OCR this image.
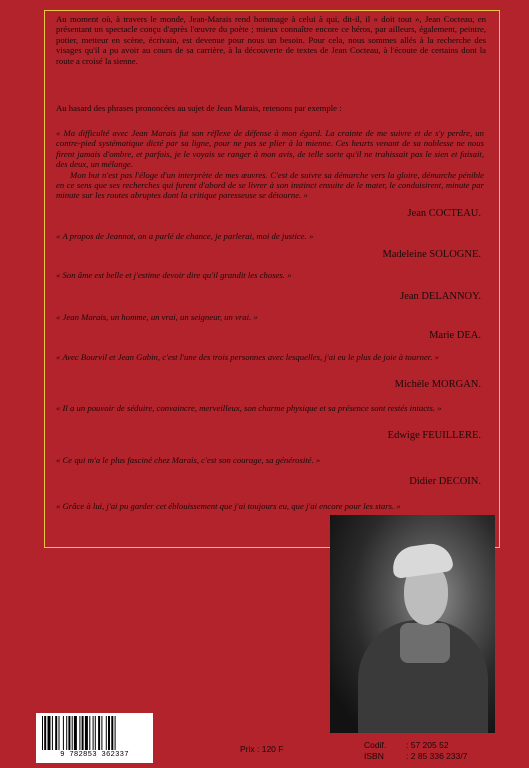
Au moment où, à travers le monde, Jean-Marais rend hommage à celui à qui, dit-il, il « doit tout », Jean Cocteau, en présentant un spectacle conçu d'après l'œuvre du poète ; mieux connaître encore ce héros, par ailleurs, également, peintre, potier, metteur en scène, écrivain, est devenue pour nous un besoin. Pour cela, nous sommes allés à la recherche des visages qu'il a pu avoir au cours de sa carrière, à la découverte de textes de Jean Cocteau, à l'écoute de certains dont la route a croisé la sienne.

Au hasard des phrases prononcées au sujet de Jean Marais, retenons par exemple :

« Ma difficulté avec Jean Marais fut son réflexe de défense à mon égard. La crainte de me suivre et de s'y perdre, un contre-pied systématique dicté par sa ligne, pour ne pas se plier à la mienne. Ces heurts venant de sa noblesse ne nous firent jamais d'ombre, et parfois, je le voyais se ranger à mon avis, de telle sorte qu'il ne trahissait pas le sien et faisait, des deux, un mélange.

Mon but n'est pas l'éloge d'un interprète de mes œuvres. C'est de suivre sa démarche vers la gloire, démarche pénible en ce sens que ses recherches qui furent d'abord de se livrer à son instinct ensuite de le mater, le conduisirent, minute par minute sur les routes abruptes dont la critique paresseuse se détourne. »

Jean COCTEAU.

« A propos de Jeannot, on a parlé de chance, je parlerai, moi de justice. »

Madeleine SOLOGNE.

« Son âme est belle et j'estime devoir dire qu'il grandit les choses. »

Jean DELANNOY.

« Jean Marais, un homme, un vrai, un seigneur, un vrai. »

Marie DEA.

« Avec Bourvil et Jean Gabin, c'est l'une des trois personnes avec lesquelles, j'ai eu le plus de joie à tourner. »

Michèle MORGAN.

« Il a un pouvoir de séduire, convaincre, merveilleux, son charme physique et sa présence sont restés intacts. »

Edwige FEUILLERE.

« Ce qui m'a le plus fasciné chez Marais, c'est son courage, sa générosité. »

Didier DECOIN.

« Grâce à lui, j'ai pu garder cet éblouissement que j'ai toujours eu, que j'ai encore pour les stars. »

9 782853 362337
Prix : 120 F	Codif.	: 57 205 52
ISBN	: 2 85 336 233/7
